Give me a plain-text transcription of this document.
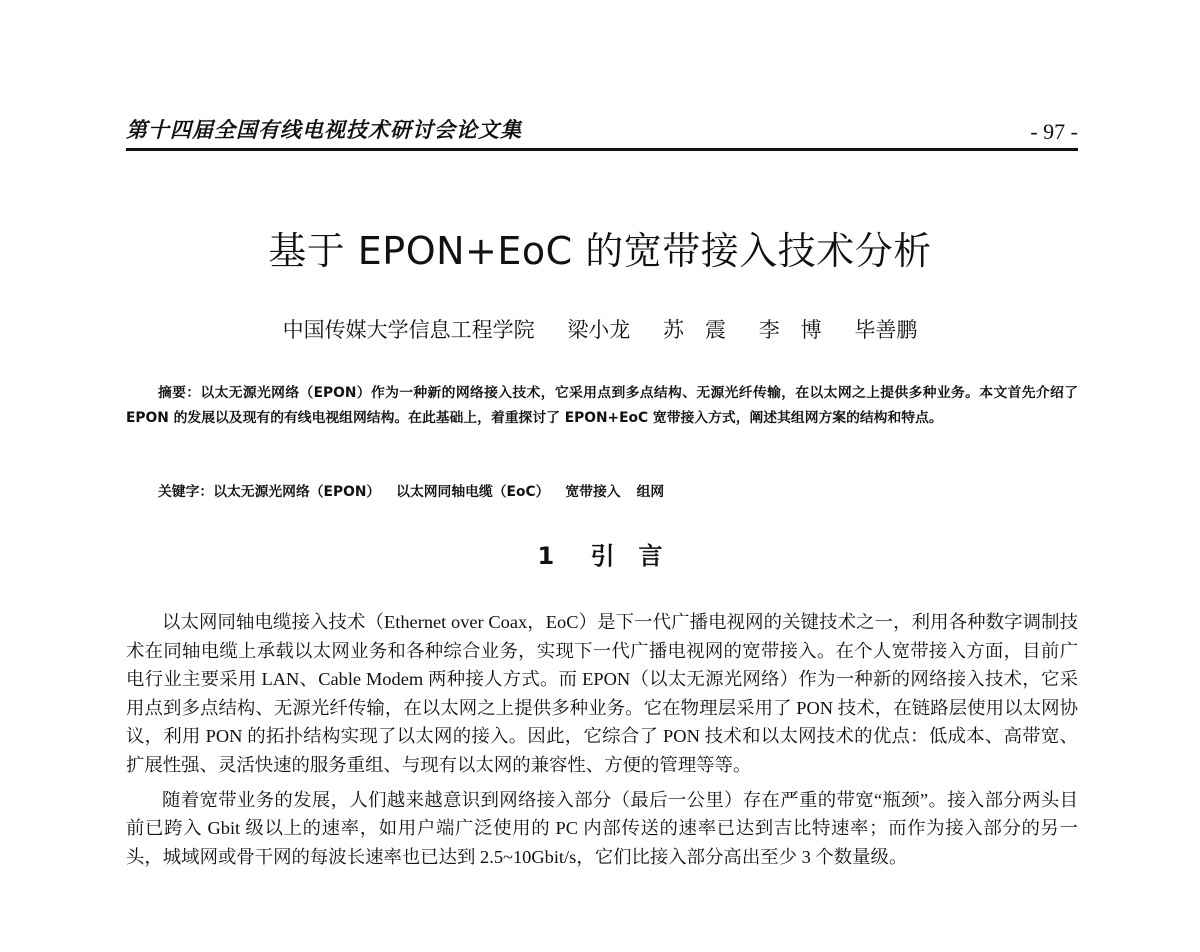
第十四届全国有线电视技术研讨会论文集	- 97 -
基于 EPON+EoC 的宽带接入技术分析
中国传媒大学信息工程学院 梁小龙 苏　震 李　博 毕善鹏

摘要：以太无源光网络（EPON）作为一种新的网络接入技术，它采用点到多点结构、无源光纤传输，在以太网之上提供多种业务。本文首先介绍了 EPON 的发展以及现有的有线电视组网结构。在此基础上，着重探讨了 EPON+EoC 宽带接入方式，阐述其组网方案的结构和特点。

关键字：以太无源光网络（EPON） 以太网同轴电缆（EoC） 宽带接入 组网
1 引　言

以太网同轴电缆接入技术（Ethernet over Coax，EoC）是下一代广播电视网的关键技术之一，利用各种数字调制技术在同轴电缆上承载以太网业务和各种综合业务，实现下一代广播电视网的宽带接入。在个人宽带接入方面，目前广电行业主要采用 LAN、Cable Modem 两种接人方式。而 EPON（以太无源光网络）作为一种新的网络接入技术，它采用点到多点结构、无源光纤传输，在以太网之上提供多种业务。它在物理层采用了 PON 技术，在链路层使用以太网协议，利用 PON 的拓扑结构实现了以太网的接入。因此，它综合了 PON 技术和以太网技术的优点：低成本、高带宽、扩展性强、灵活快速的服务重组、与现有以太网的兼容性、方便的管理等等。

随着宽带业务的发展，人们越来越意识到网络接入部分（最后一公里）存在严重的带宽“瓶颈”。接入部分两头目前已跨入 Gbit 级以上的速率，如用户端广泛使用的 PC 内部传送的速率已达到吉比特速率；而作为接入部分的另一头，城域网或骨干网的每波长速率也已达到 2.5~10Gbit/s，它们比接入部分高出至少 3 个数量级。
